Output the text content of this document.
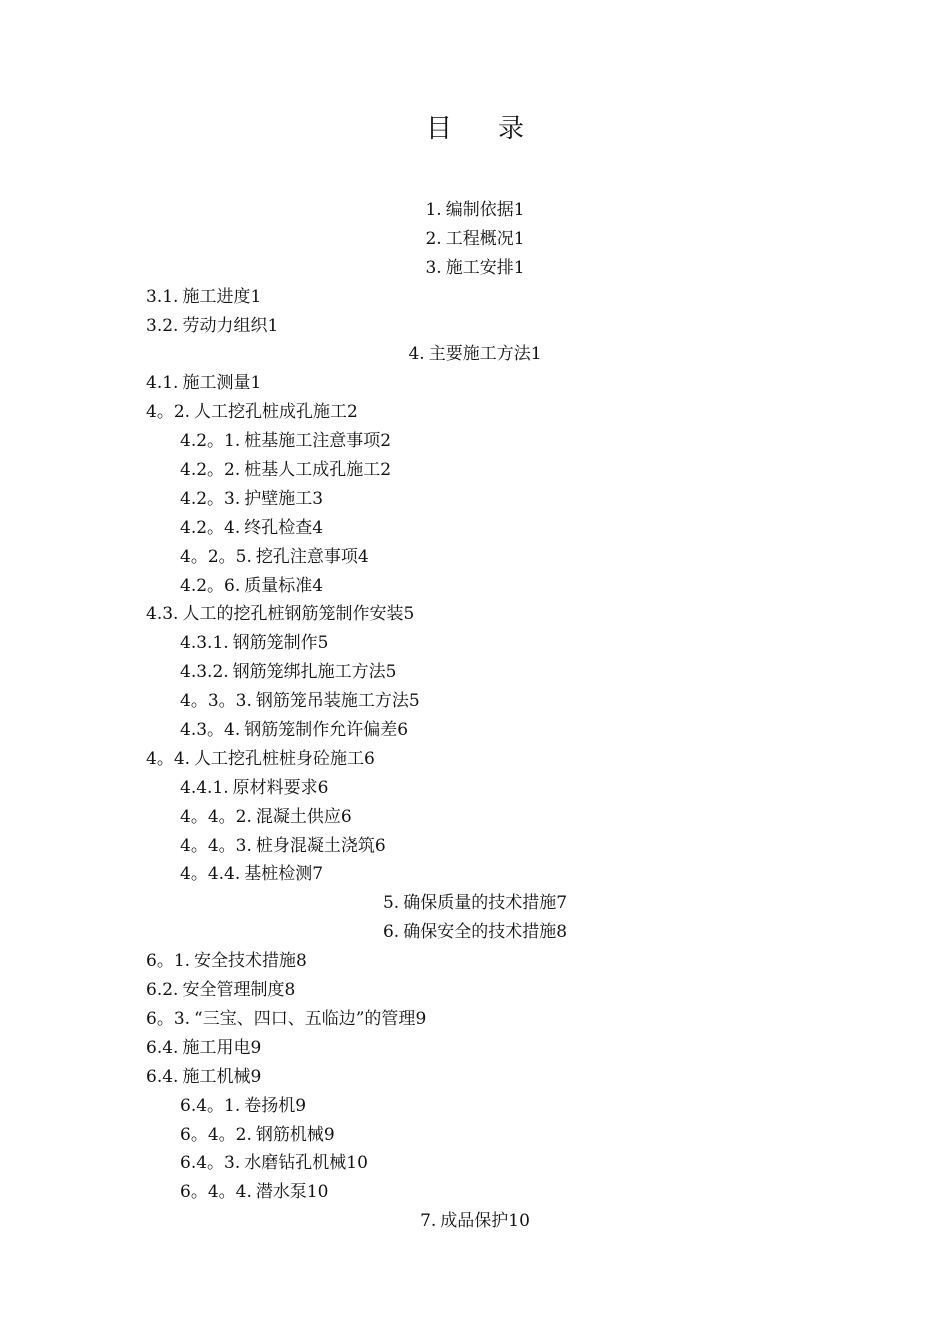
目 录
1. 编制依据1
2. 工程概况1
3. 施工安排1
3.1. 施工进度1
3.2. 劳动力组织1
4. 主要施工方法1
4.1. 施工测量1
4。2. 人工挖孔桩成孔施工2
4.2。1. 桩基施工注意事项2
4.2。2. 桩基人工成孔施工2
4.2。3. 护壁施工3
4.2。4. 终孔检查4
4。2。5. 挖孔注意事项4
4.2。6. 质量标准4
4.3. 人工的挖孔桩钢筋笼制作安装5
4.3.1. 钢筋笼制作5
4.3.2. 钢筋笼绑扎施工方法5
4。3。3. 钢筋笼吊装施工方法5
4.3。4. 钢筋笼制作允许偏差6
4。4. 人工挖孔桩桩身砼施工6
4.4.1. 原材料要求6
4。4。2. 混凝土供应6
4。4。3. 桩身混凝土浇筑6
4。4.4. 基桩检测7
5. 确保质量的技术措施7
6. 确保安全的技术措施8
6。1. 安全技术措施8
6.2. 安全管理制度8
6。3. “三宝、四口、五临边”的管理9
6.4. 施工用电9
6.4. 施工机械9
6.4。1. 卷扬机9
6。4。2. 钢筋机械9
6.4。3. 水磨钻孔机械10
6。4。4. 潜水泵10
7. 成品保护10
